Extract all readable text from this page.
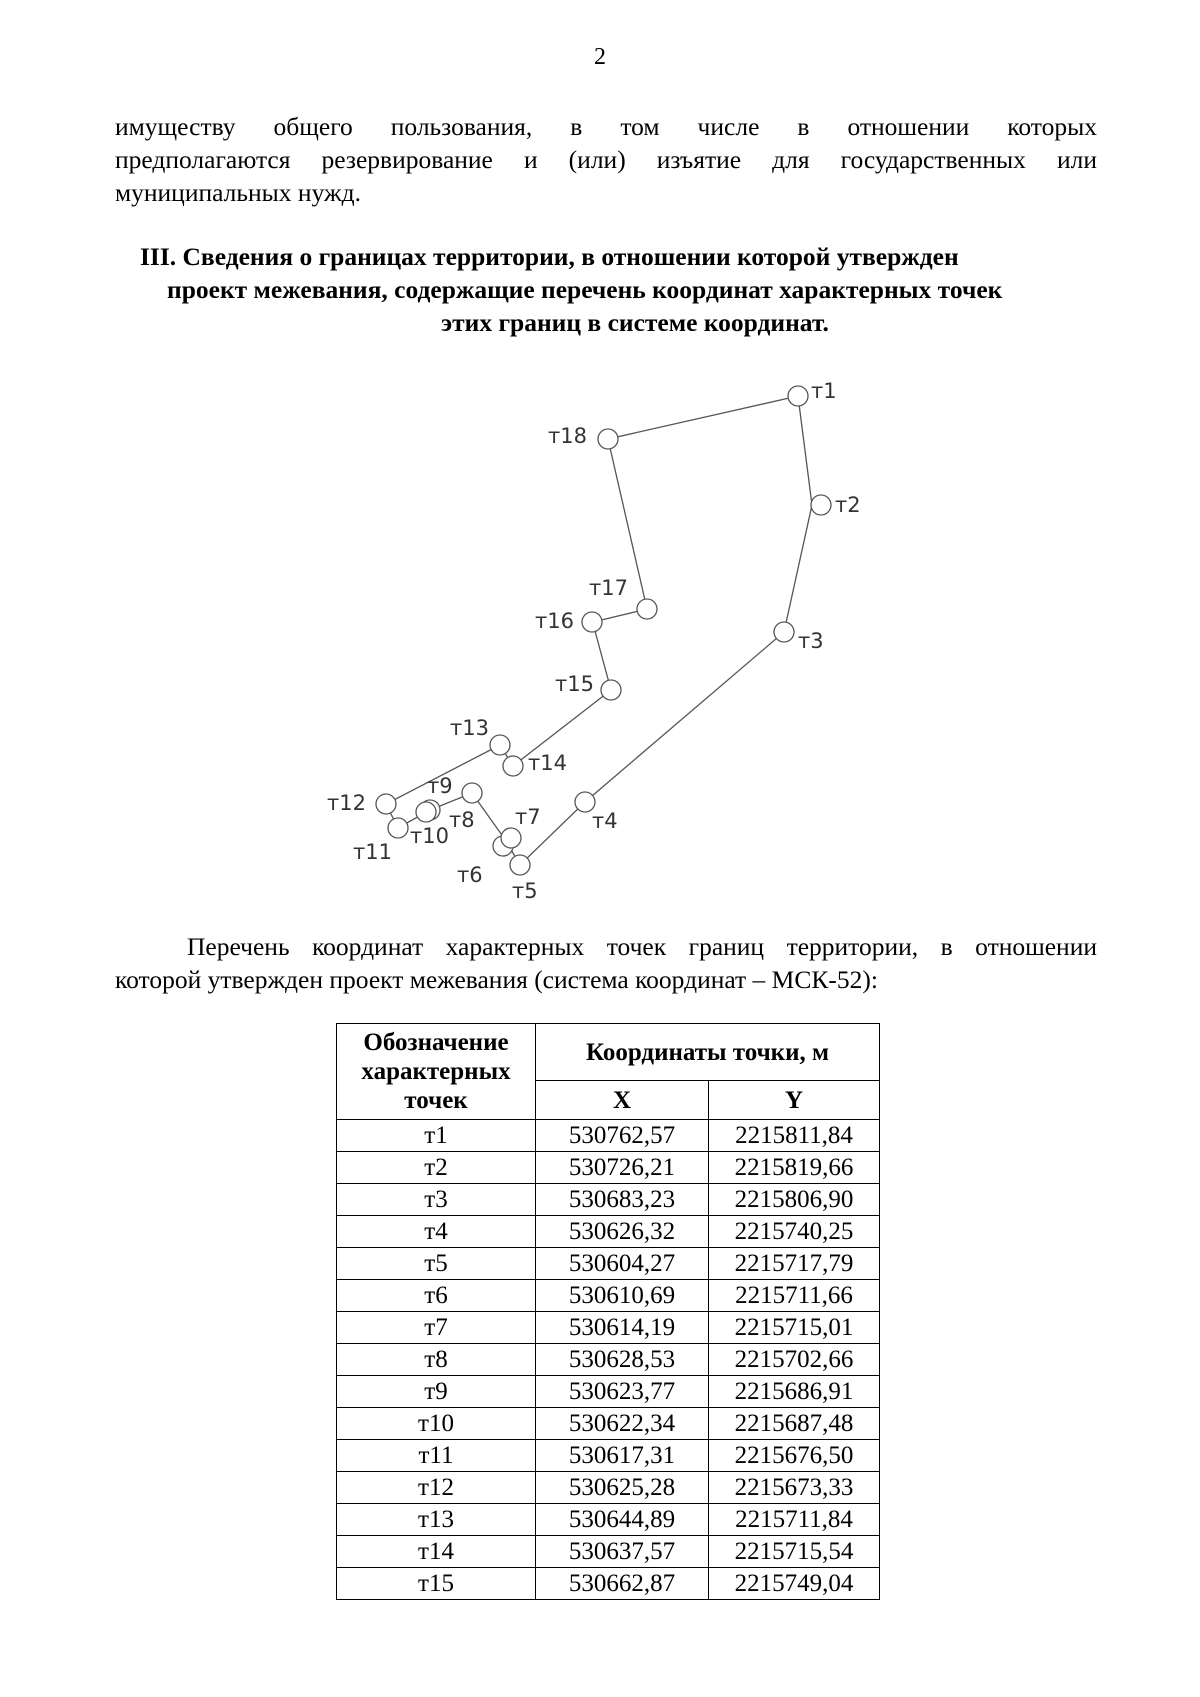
2
имуществу общего пользования, в том числе в отношении которых
предполагаются резервирование и (или) изъятие для государственных или
муниципальных нужд.
III. Сведения о границах территории, в отношении которой утвержден
проект межевания, содержащие перечень координат характерных точек
этих границ в системе координат.
т1
т2
т3
т4
т5
т6
т7
т8
т9
т10
т11
т12
т13
т14
т15
т16
т17
т18
Перечень координат характерных точек границ территории, в отношении
которой утвержден проект межевания (система координат – МСК-52):
Обозначение характерных точек	Координаты точки, м	
	X	Y
т1	530762,57	2215811,84
т2	530726,21	2215819,66
т3	530683,23	2215806,90
т4	530626,32	2215740,25
т5	530604,27	2215717,79
т6	530610,69	2215711,66
т7	530614,19	2215715,01
т8	530628,53	2215702,66
т9	530623,77	2215686,91
т10	530622,34	2215687,48
т11	530617,31	2215676,50
т12	530625,28	2215673,33
т13	530644,89	2215711,84
т14	530637,57	2215715,54
т15	530662,87	2215749,04
